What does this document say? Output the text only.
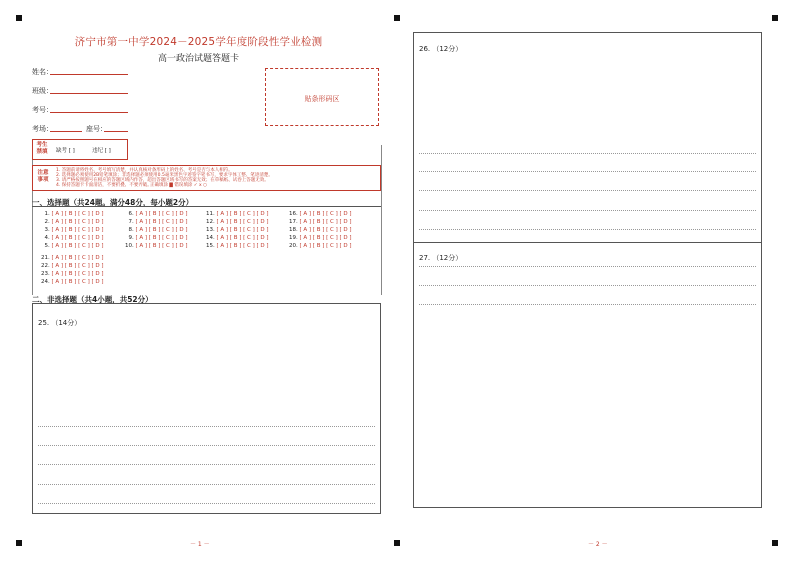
济宁市第一中学2024－2025学年度阶段性学业检测
高一政治试题答题卡
姓名：
班级：
考号：
考场：	座号：
贴条形码区
考生
禁填	缺考 [ ]	违纪 [ ]
注意
事项
1. 答题前请将姓名、考号填写清楚，并认真核对条形码上的姓名、考号是否与本人相符。
2. 选择题必须使用2B铅笔填涂；非选择题必须使用0.5毫米黑色字迹签字笔书写，要求字体工整、笔迹清楚。
3. 请严格按照题号在相应的答题区域内作答，超出答题区域书写的答案无效；在草稿纸、试卷上答题无效。
4. 保持答题卡卡面清洁，不要折叠、不要弄破。
正确填涂 ▇ 错误填涂 ✓ ⅹ ○
一、选择题（共24题。满分48分，每小题2分）
1. [ A ] [ B ] [ C ] [ D ]
2. [ A ] [ B ] [ C ] [ D ]
3. [ A ] [ B ] [ C ] [ D ]
4. [ A ] [ B ] [ C ] [ D ]
5. [ A ] [ B ] [ C ] [ D ]
6. [ A ] [ B ] [ C ] [ D ]
7. [ A ] [ B ] [ C ] [ D ]
8. [ A ] [ B ] [ C ] [ D ]
9. [ A ] [ B ] [ C ] [ D ]
10. [ A ] [ B ] [ C ] [ D ]
11. [ A ] [ B ] [ C ] [ D ]
12. [ A ] [ B ] [ C ] [ D ]
13. [ A ] [ B ] [ C ] [ D ]
14. [ A ] [ B ] [ C ] [ D ]
15. [ A ] [ B ] [ C ] [ D ]
16. [ A ] [ B ] [ C ] [ D ]
17. [ A ] [ B ] [ C ] [ D ]
18. [ A ] [ B ] [ C ] [ D ]
19. [ A ] [ B ] [ C ] [ D ]
20. [ A ] [ B ] [ C ] [ D ]
21. [ A ] [ B ] [ C ] [ D ]
22. [ A ] [ B ] [ C ] [ D ]
23. [ A ] [ B ] [ C ] [ D ]
24. [ A ] [ B ] [ C ] [ D ]
二、非选择题（共4小题，共52分）
25. （14分）
－ 1 －
26. （12分）
27. （12分）
－ 2 －
